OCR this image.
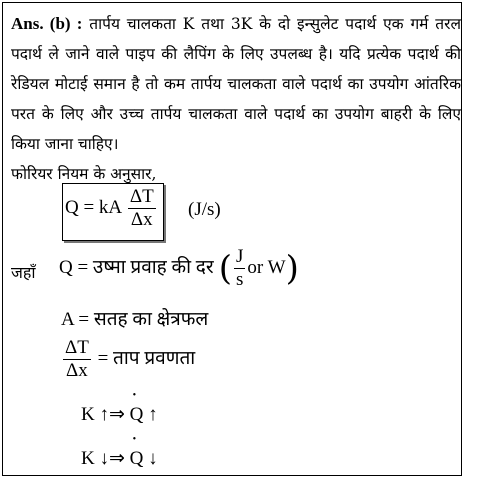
Ans. (b) : तार्पय चालकता K तथा 3K के दो इन्सुलेट पदार्थ एक गर्म तरल पदार्थ ले जाने वाले पाइप की लैपिंग के लिए उपलब्ध है। यदि प्रत्येक पदार्थ की रेडियल मोटाई समान है तो कम तार्पय चालकता वाले पदार्थ का उपयोग आंतरिक परत के लिए और उच्च तार्पय चालकता वाले पदार्थ का उपयोग बाहरी के लिए किया जाना चाहिए।
फोरियर नियम के अनुसार,
Q = kA $\frac{\Delta T}{\Delta x} (J/s)$
जहाँ Q = उष्मा प्रवाह की दर ( $\frac{J}{s}$ or W)
A = सतह का क्षेत्रफल
$\frac{\Delta T}{\Delta x}$ = ताप प्रवणता
K ↑⇒ • Q ↑
K ↓⇒ • Q ↓
